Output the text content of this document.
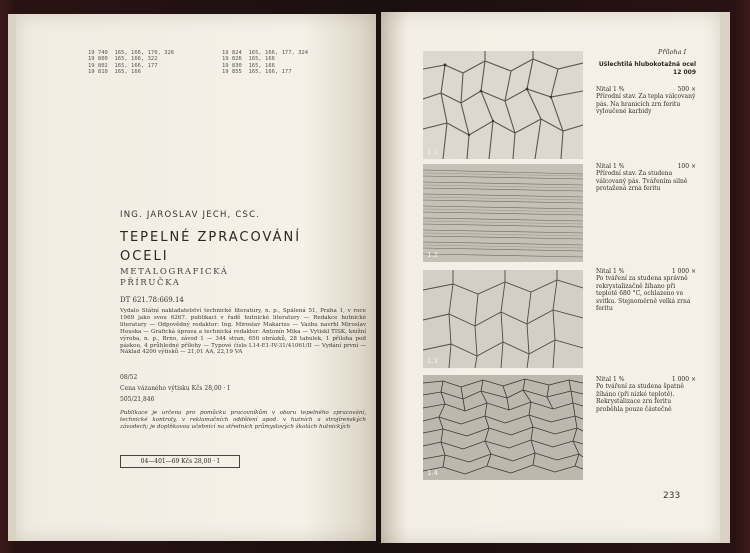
19 740  165, 166, 170, 326
19 800  165, 166, 322
19 802  165, 166, 177
19 810  165, 166
19 824  165, 166, 177, 324
19 826  165, 166
19 830  165, 166
19 855  165, 166, 177
ING. JAROSLAV JECH, CSC.
TEPELNÉ ZPRACOVÁNÍ
OCELI
METALOGRAFICKÁ
PŘÍRUČKA
DT 621.78:669.14
Vydalo Státní nakladatelství technické literatury, n. p., Spálená 51, Praha 1, v roce 1969 jako svou 6267. publikaci v řadě hutnické literatury — Redakce hutnické literatury — Odpovědný redaktor: Ing. Miroslav Makarius — Vazbu navrhl Miroslav Houska — Grafická úprava a technická redaktor: Antonín Mika — Vytiskl TISK, knižní výroba, n. p., Brno, závod 1 — 344 stran, 650 obrázků, 28 tabulek, 1 příloha pod páskou, 4 průhledné přílohy — Typové číslo L14-E1-IV-31/41061/II — Vydání první — Náklad 4200 výtisků — 21,01 AA, 22,19 VA
08/52
Cena vázaného výtisku Kčs 28,00 · I
505/21,846
Publikace je určena pro pomůcku pracovníkům v oboru tepelného zpracování, technické kontroly, v reklamačních oddělení apod. v hutních a strojírenských závodech; je doplňkovou učebnicí na středních průmyslových školách hutnických
04—401—69 Kčs 28,00 · I
Příloha I
Ušlechtilá hlubokotažná ocel
12 009
1.1
1.2
1.3
1.4
Nital 1 %	500 ×
Přírodní stav. Za tepla válcovaný pás. Na hranicích zrn feritu vyloučené karbidy
Nital 1 %	100 ×
Přírodní stav. Za studena válcovaný pás. Tvářením silně protažená zrna feritu
Nital 1 %	1 000 ×
Po tváření za studena správně rekrystalizačně žíhano při teplotě 680 °C, ochlazeno ve svitku. Stejnoměrně velká zrna feritu
Nital 1 %	1 000 ×
Po tváření za studena špatně žíháno (při nízké teplotě). Rekrystalizace zrn feritu proběhla pouze částečně
233
